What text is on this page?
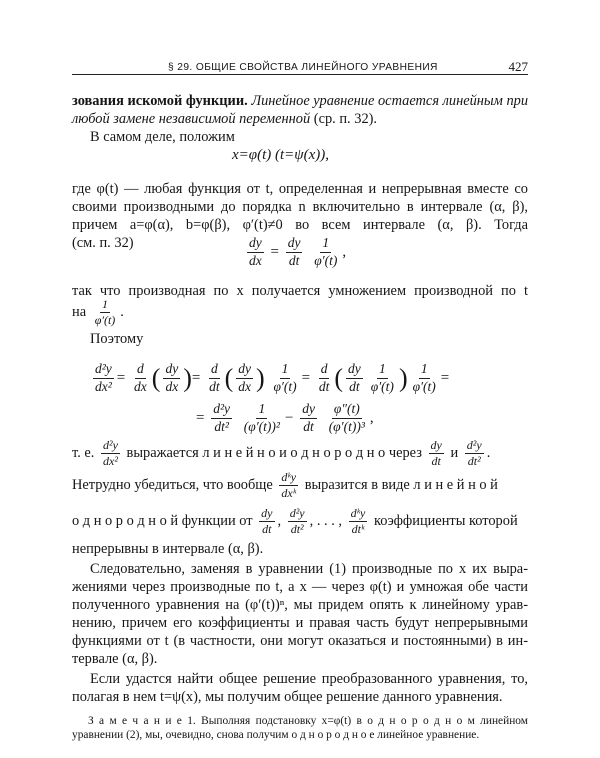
§ 29. ОБЩИЕ СВОЙСТВА ЛИНЕЙНОГО УРАВНЕНИЯ	427
зования искомой функции. Линейное уравнение остается линейным при
любой замене независимой переменной (ср. п. 32).
В самом деле, положим
x=φ(t) (t=ψ(x)),
где φ(t) — любая функция от t, определенная и непрерывная вместе со
своими производными до порядка n включительно в интервале (α, β),
причем a=φ(α), b=φ(β), φ′(t)≠0 во всем интервале (α, β). Тогда
(см. п. 32)	$\frac{dy}{dx} = \frac{dy}{dt}$
$\frac{1}{\varphi'(t)}$ ,
так что производная по x получается умножением производной по t
на $\frac{1}{\varphi'(t)}$ .
Поэтому
$\frac{\text{d²y}}{\text{dx²}} = \frac{d}{dx}$ ( $\frac{dy}{dx}$ )= $\frac{d}{dt}$ ( $\frac{dy}{dx}$ ) $\frac{1}{\varphi'(t)} = \frac{d}{dt}$ ( $\frac{dy}{dt} \frac{1}{\varphi'(t)}$ ) $\frac{1}{\varphi'(t)}$ =
= $\frac{\text{d²y}}{\text{dt²}}$
$\frac{1}{\text{(φ′(t))²}} - \frac{dy}{dt}$
$\frac{\varphi''(t)}{\text{(φ′(t))³}}$ ,
т. е. $\frac{\text{d²y}}{\text{dx²}}$ выражается л и н е й н о и о д н о р о д н о через $\frac{dy}{dt}$ и $\frac{\text{d²y}}{\text{dt²}}$ .
Нетрудно убедиться, что вообще $\frac{\text{dᵏy}}{\text{dxᵏ}}$ выразится в виде л и н е й н о й
о д н о р о д н о й функции от $\frac{dy}{dt}$ , $\frac{\text{d²y}}{\text{dt²}}$ , . . . , $\frac{\text{dᵏy}}{\text{dtᵏ}}$ коэффициенты которой
непрерывны в интервале (α, β).
Следовательно, заменяя в уравнении (1) производные по x их выра-
жениями через производные по t, а x — через φ(t) и умножая обе части
полученного уравнения на (φ′(t))ⁿ, мы придем опять к линейному урав-
нению, причем его коэффициенты и правая часть будут непрерывными
функциями от t (в частности, они могут оказаться и постоянными) в ин-
тервале (α, β).
Если удастся найти общее решение преобразованного уравнения, то,
полагая в нем t=ψ(x), мы получим общее решение данного уравнения.
З а м е ч а н и е 1. Выполняя подстановку x=φ(t) в о д н о р о д н о м линейном
уравнении (2), мы, очевидно, снова получим о д н о р о д н о е линейное уравнение.
